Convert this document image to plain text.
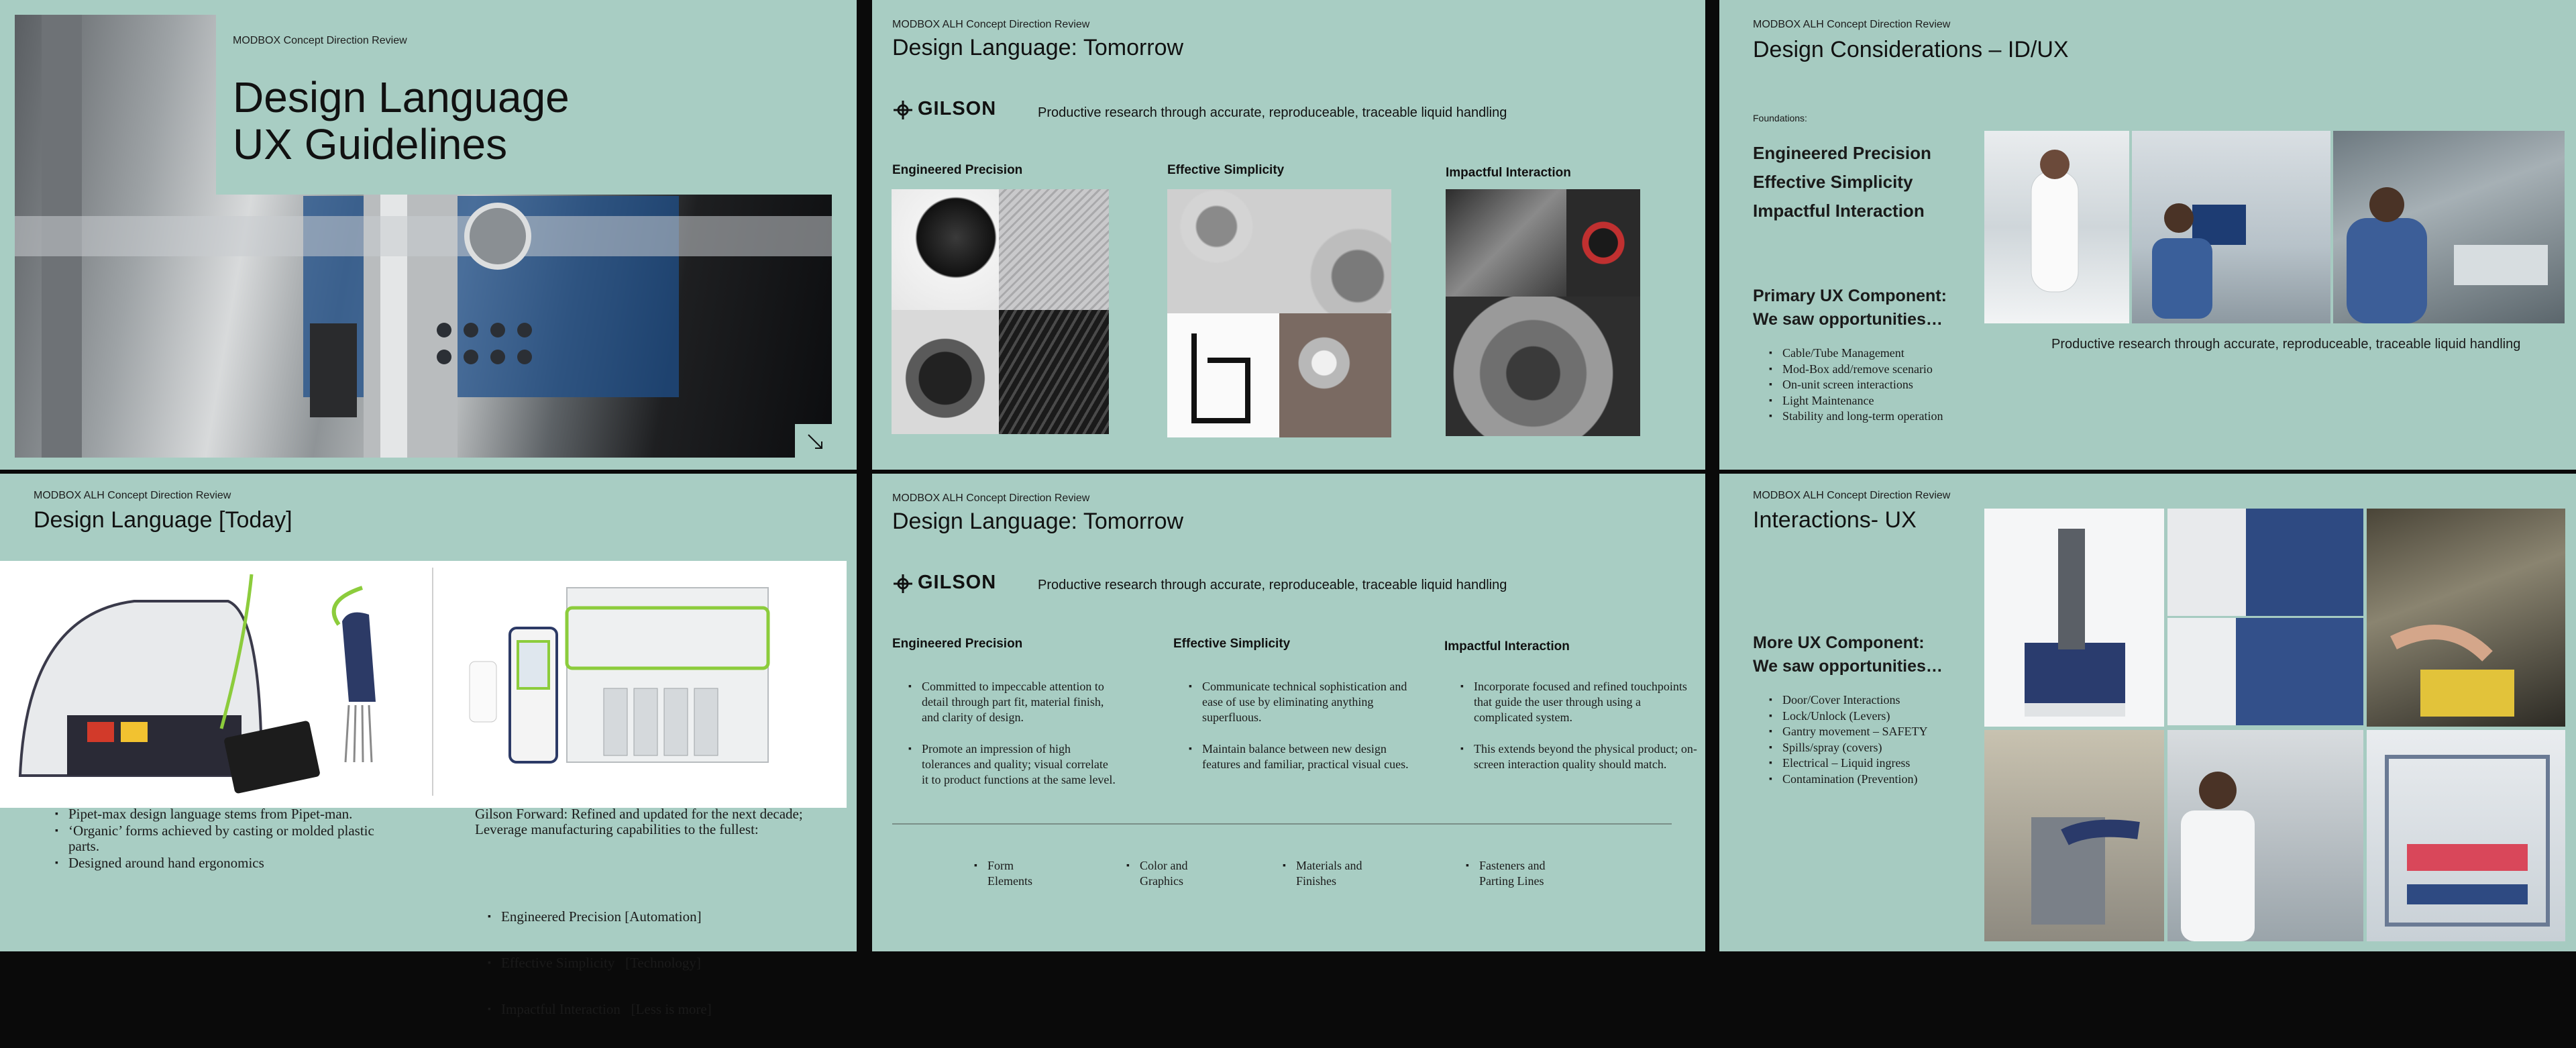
MODBOX Concept Direction Review
Design Language
UX Guidelines
MODBOX ALH Concept Direction Review
Design Language: Tomorrow
GILSON	Productive research through accurate, reproduceable, traceable liquid handling
Engineered Precision	Effective Simplicity	Impactful Interaction
MODBOX ALH Concept Direction Review
Design Considerations – ID/UX
Foundations:
Engineered Precision
Effective Simplicity
Impactful Interaction
Primary UX Component:
We saw opportunities…
▪ Cable/Tube Management
▪ Mod-Box add/remove scenario
▪ On-unit screen interactions
▪ Light Maintenance
▪ Stability and long-term operation
Productive research through accurate, reproduceable, traceable liquid handling
MODBOX ALH Concept Direction Review
Design Language [Today]
▪ Pipet-max design language stems from Pipet-man.
▪ ‘Organic’ forms achieved by casting or molded plastic parts.
▪ Designed around hand ergonomics
Gilson Forward: Refined and updated for the next decade; Leverage manufacturing capabilities to the fullest:

▪ Engineered Precision [Automation]

▪ Effective Simplicity   [Technology]

▪ Impactful Interaction   [Less is more]

MODBOX ALH Concept Direction Review
Design Language: Tomorrow
GILSON	Productive research through accurate, reproduceable, traceable liquid handling
Engineered Precision	Effective Simplicity	Impactful Interaction
▪ Committed to impeccable attention to detail through part fit, material finish, and clarity of design.
▪ Promote an impression of high tolerances and quality; visual correlate it to product functions at the same level.
▪ Communicate technical sophistication and ease of use by eliminating anything superfluous.
▪ Maintain balance between new design features and familiar, practical visual cues.
▪ Incorporate focused and refined touchpoints that guide the user through using a complicated system.
▪ This extends beyond the physical product; on-screen interaction quality should match.
▪ Form
Elements
▪ Color and
Graphics
▪ Materials and
Finishes
▪ Fasteners and
Parting Lines
MODBOX ALH Concept Direction Review
Interactions- UX
More UX Component:
We saw opportunities…
▪ Door/Cover Interactions
▪ Lock/Unlock (Levers)
▪ Gantry movement – SAFETY
▪ Spills/spray (covers)
▪ Electrical – Liquid ingress
▪ Contamination (Prevention)
